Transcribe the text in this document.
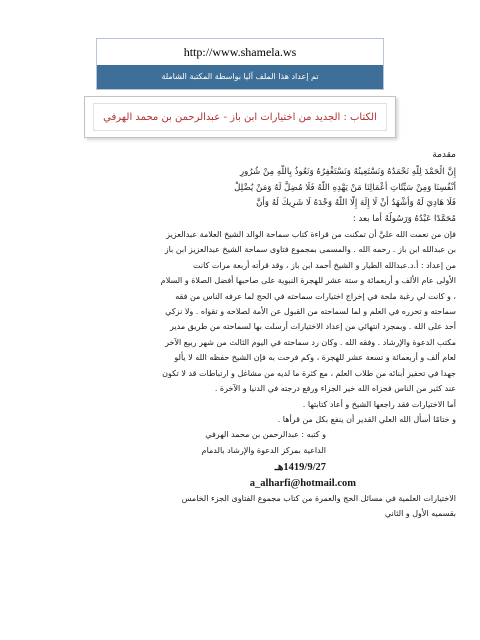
http://www.shamela.ws
تم إعداد هذا الملف آليا بواسطة المكتبة الشاملة
الكتاب : الجديد من اختيارات ابن باز - عبدالرحمن بن محمد الهرفي
مقدمة
إِنَّ الْحَمْدَ لِلَّهِ نَحْمَدُهُ وَنَسْتَعِينُهُ وَنَسْتَغْفِرُهُ وَنَعُوذُ بِاللَّهِ مِنْ شُرُورِ
أَنْفُسِنَا وَمِنْ سَيِّئَاتِ أَعْمَالِنَا مَنْ يَهْدِهِ اللَّهُ فَلَا مُضِلَّ لَهُ وَمَنْ يُضْلِلْ
فَلَا هَادِيَ لَهُ وَأَشْهَدُ أَنْ لَا إِلَهَ إِلَّا اللَّهُ وَحْدَهُ لَا شَرِيكَ لَهُ وَأَنَّ
مُحَمَّدًا عَبْدُهُ وَرَسُولُهُ أما بعد :
فإن من نعمت الله عليَّ أن تمكنت من قراءة كتاب سماحة الوالد الشيخ العلامة عبدالعزيز
بن عبدالله ابن باز . رحمه الله . والمسمى بمجموع فتاوى سماحة الشيخ عبدالعزيز ابن باز
من إعداد : أ.د.عبدالله الطيار و الشيخ أحمد ابن باز ، وقد قرأته أربعة مرات كانت
الأولى عام الألف و أربعمائة و ستة عشر للهجرة النبوية على صاحبها أفضل الصلاة و السلام
، و كانت لي رغبة ملحة في إخراج اختيارات سماحته في الحج لما عرفه الناس من فقه
سماحته و تحرره في العلم و لما لسماحته من القبول عن الأمة لصلاحه و تقواه . ولا نزكي
أحد على الله . وبمجرد انتهائي من إعداد الاختيارات أرسلت بها لسماحته من طريق مدير
مكتب الدعوة والإرشاد . وفقه الله . وكان رد سماحته في اليوم الثالث من شهر ربيع الآخر
لعام ألف و أربعمائة و تسعة عشر للهجرة ، وكم فرحت به فإن الشيخ حفظه الله لا يألو
جهدا في تحفيز أبنائه من طلاب العلم ، مع كثرة ما لديه من مشاغل و ارتباطات قد لا تكون
عند كثير من الناس فجزاه الله خير الجزاء ورفع درجته في الدنيا و الآخرة .
أما الاختيارات فقد راجعها الشيخ و أعاد كتابتها .
و ختامًا أسأل الله العلي القدير أن ينفع بكل من قرأها .
و كتبه : عبدالرحمن بن محمد الهرفي
الداعية بمركز الدعوة والإرشاد بالدمام
1419/9/27هـ
a_alharfi@hotmail.com
الاختيارات العلمية في مسائل الحج والعمرة من كتاب مجموع الفتاوى الجزء الخامس
بقسميه الأول و الثاني
